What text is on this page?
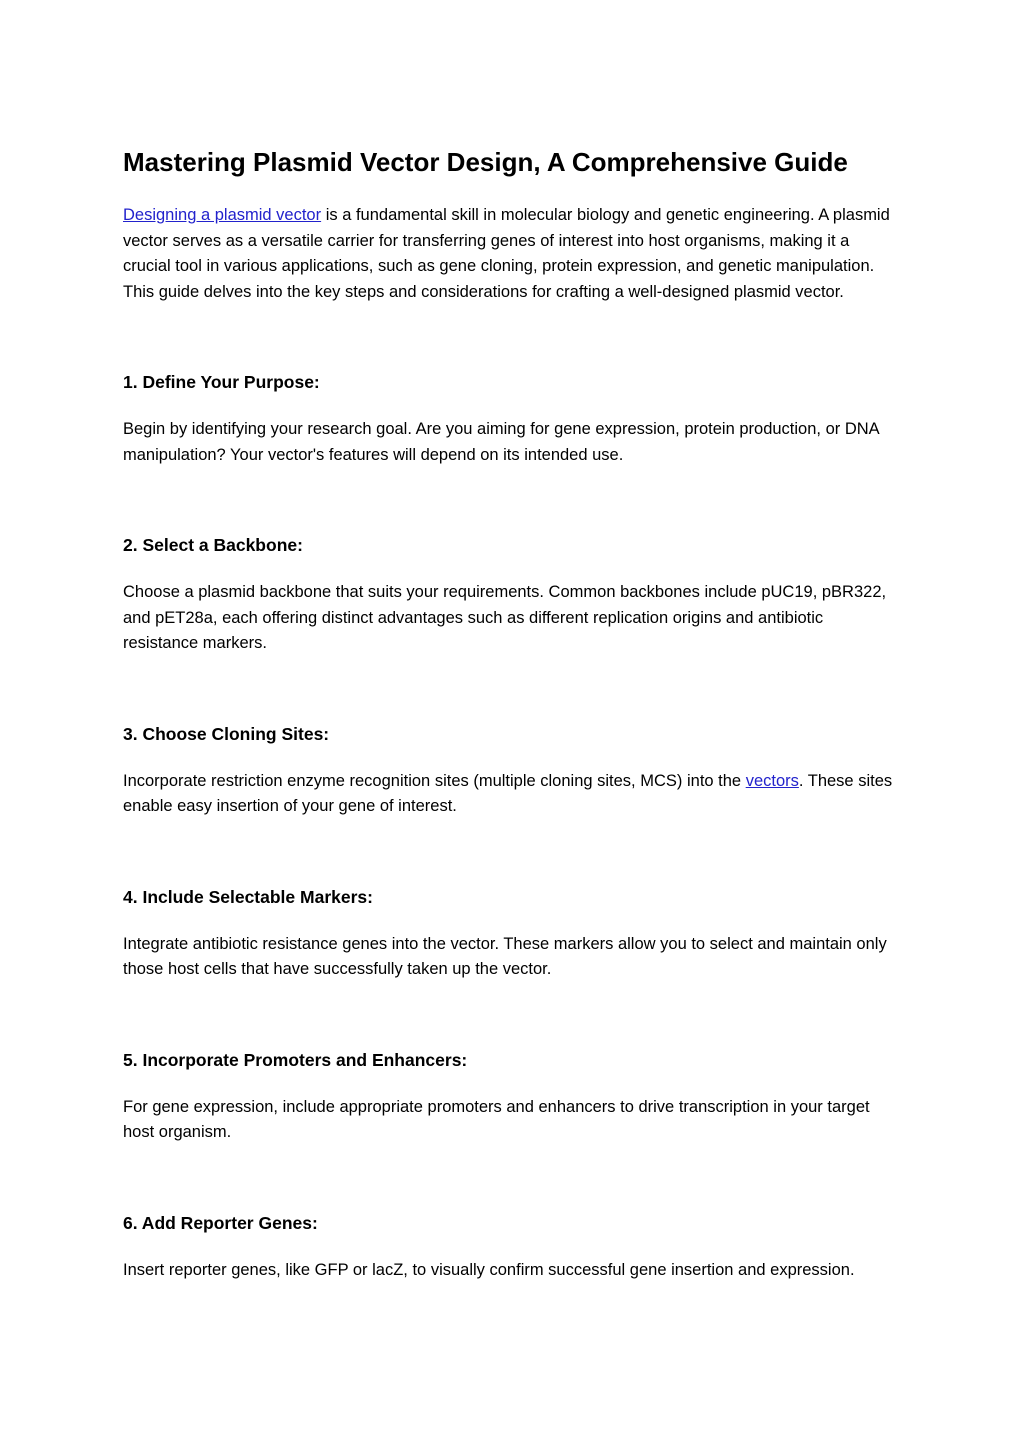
Mastering Plasmid Vector Design, A Comprehensive Guide

Designing a plasmid vector is a fundamental skill in molecular biology and genetic engineering. A plasmid vector serves as a versatile carrier for transferring genes of interest into host organisms, making it a crucial tool in various applications, such as gene cloning, protein expression, and genetic manipulation. This guide delves into the key steps and considerations for crafting a well-designed plasmid vector.

1. Define Your Purpose:

Begin by identifying your research goal. Are you aiming for gene expression, protein production, or DNA manipulation? Your vector's features will depend on its intended use.

2. Select a Backbone:

Choose a plasmid backbone that suits your requirements. Common backbones include pUC19, pBR322, and pET28a, each offering distinct advantages such as different replication origins and antibiotic resistance markers.

3. Choose Cloning Sites:

Incorporate restriction enzyme recognition sites (multiple cloning sites, MCS) into the vectors. These sites enable easy insertion of your gene of interest.

4. Include Selectable Markers:

Integrate antibiotic resistance genes into the vector. These markers allow you to select and maintain only those host cells that have successfully taken up the vector.

5. Incorporate Promoters and Enhancers:

For gene expression, include appropriate promoters and enhancers to drive transcription in your target host organism.

6. Add Reporter Genes:

Insert reporter genes, like GFP or lacZ, to visually confirm successful gene insertion and expression.
